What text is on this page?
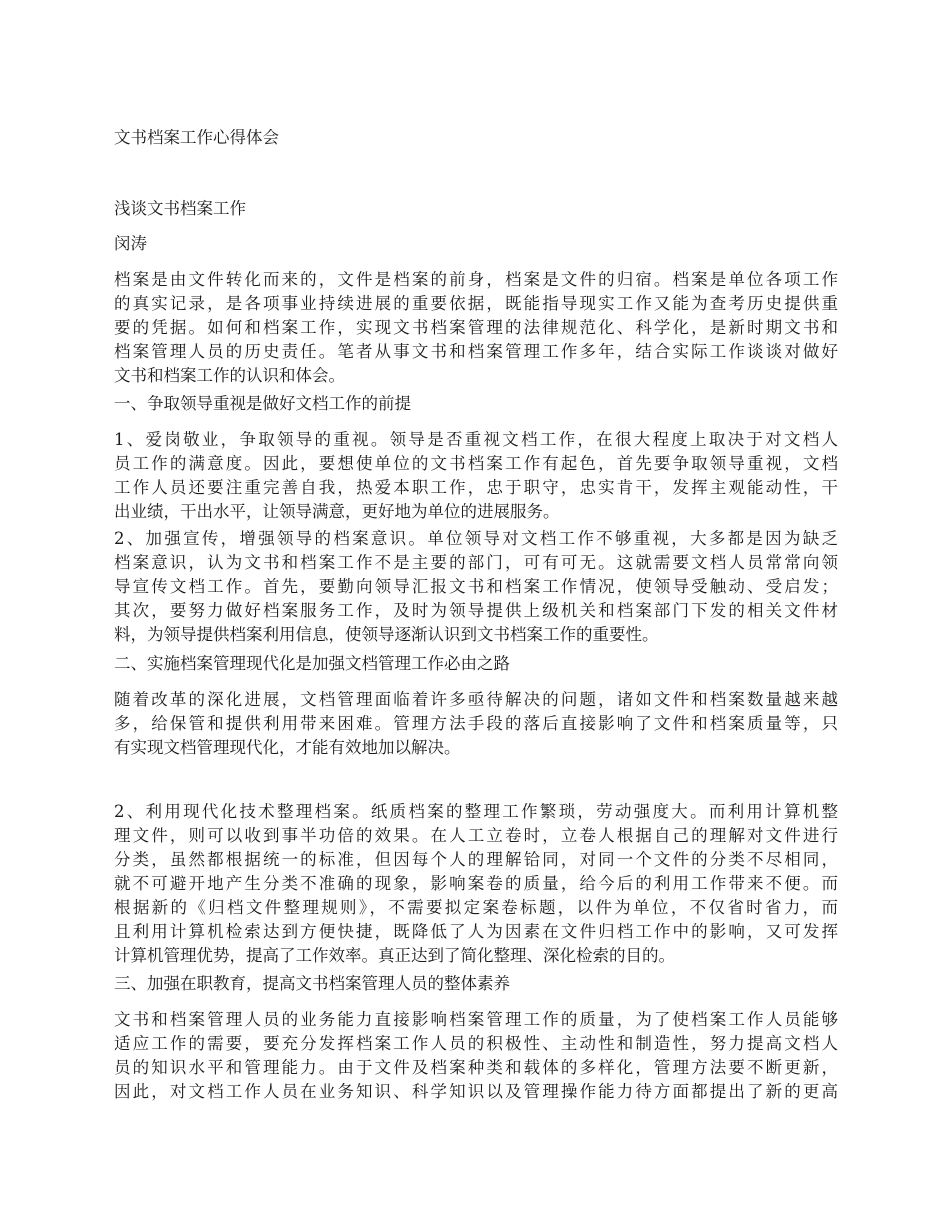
文书档案工作心得体会

浅谈文书档案工作

闵涛

档案是由文件转化而来的，文件是档案的前身，档案是文件的归宿。档案是单位各项工作

的真实记录，是各项事业持续进展的重要依据，既能指导现实工作又能为查考历史提供重

要的凭据。如何和档案工作，实现文书档案管理的法律规范化、科学化，是新时期文书和

档案管理人员的历史责任。笔者从事文书和档案管理工作多年，结合实际工作谈谈对做好

文书和档案工作的认识和体会。

一、争取领导重视是做好文档工作的前提

1、爱岗敬业，争取领导的重视。领导是否重视文档工作，在很大程度上取决于对文档人

员工作的满意度。因此，要想使单位的文书档案工作有起色，首先要争取领导重视，文档

工作人员还要注重完善自我，热爱本职工作，忠于职守，忠实肯干，发挥主观能动性，干

出业绩，干出水平，让领导满意，更好地为单位的进展服务。

2、加强宣传，增强领导的档案意识。单位领导对文档工作不够重视，大多都是因为缺乏

档案意识，认为文书和档案工作不是主要的部门，可有可无。这就需要文档人员常常向领

导宣传文档工作。首先，要勤向领导汇报文书和档案工作情况，使领导受触动、受启发；

其次，要努力做好档案服务工作，及时为领导提供上级机关和档案部门下发的相关文件材

料，为领导提供档案利用信息，使领导逐渐认识到文书档案工作的重要性。

二、实施档案管理现代化是加强文档管理工作必由之路

随着改革的深化进展，文档管理面临着许多亟待解决的问题，诸如文件和档案数量越来越

多，给保管和提供利用带来困难。管理方法手段的落后直接影响了文件和档案质量等，只

有实现文档管理现代化，才能有效地加以解决。

2、利用现代化技术整理档案。纸质档案的整理工作繁琐，劳动强度大。而利用计算机整

理文件，则可以收到事半功倍的效果。在人工立卷时，立卷人根据自己的理解对文件进行

分类，虽然都根据统一的标准，但因每个人的理解铪同，对同一个文件的分类不尽相同，

就不可避开地产生分类不准确的现象，影响案卷的质量，给今后的利用工作带来不便。而

根据新的《归档文件整理规则》，不需要拟定案卷标题，以件为单位，不仅省时省力，而

且利用计算机检索达到方便快捷，既降低了人为因素在文件归档工作中的影响，又可发挥

计算机管理优势，提高了工作效率。真正达到了简化整理、深化检索的目的。

三、加强在职教育，提高文书档案管理人员的整体素养

文书和档案管理人员的业务能力直接影响档案管理工作的质量，为了使档案工作人员能够

适应工作的需要，要充分发挥档案工作人员的积极性、主动性和制造性，努力提高文档人

员的知识水平和管理能力。由于文件及档案种类和载体的多样化，管理方法要不断更新，

因此，对文档工作人员在业务知识、科学知识以及管理操作能力待方面都提出了新的更高
